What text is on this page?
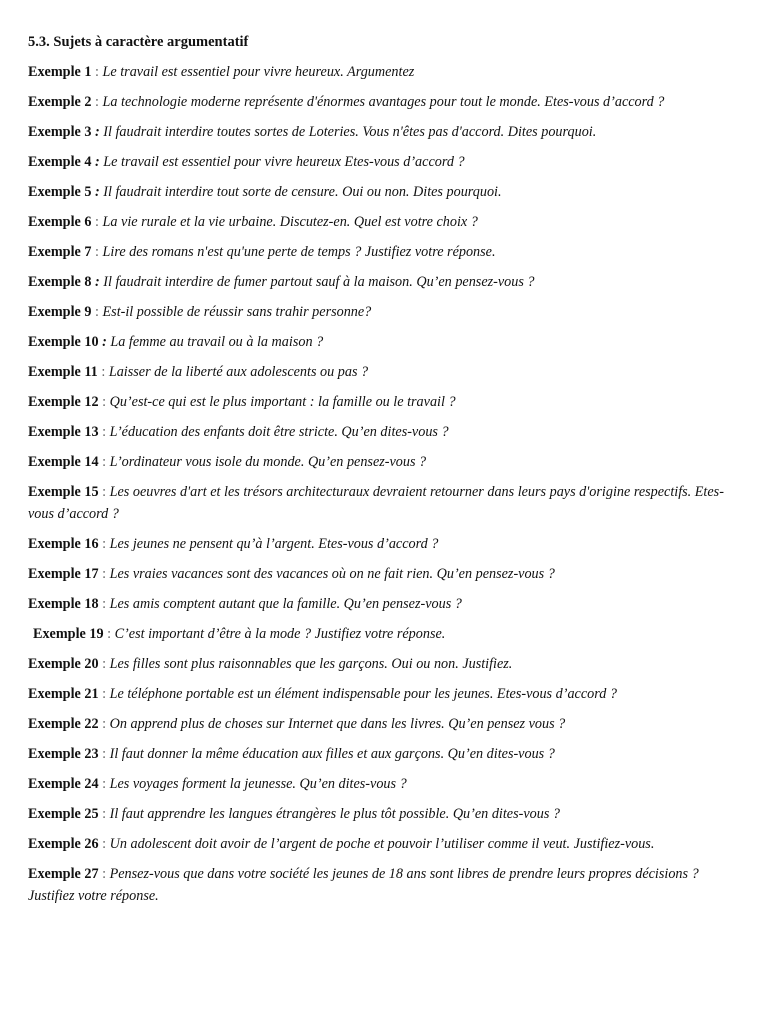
5.3. Sujets à caractère argumentatif
Exemple 1 : Le travail est essentiel pour vivre heureux. Argumentez
Exemple 2 : La technologie moderne représente d'énormes avantages pour tout le monde. Etes-vous d’accord ?
Exemple 3 : Il faudrait interdire toutes sortes de Loteries. Vous n'êtes pas d'accord. Dites pourquoi.
Exemple 4 : Le travail est essentiel pour vivre heureux Etes-vous d’accord ?
Exemple 5 : Il faudrait interdire tout sorte de censure. Oui ou non. Dites pourquoi.
Exemple 6 : La vie rurale et la vie urbaine. Discutez-en. Quel est votre choix ?
Exemple 7 : Lire des romans n'est qu'une perte de temps ? Justifiez votre réponse.
Exemple 8 : Il faudrait interdire de fumer partout sauf à la maison. Qu’en pensez-vous ?
Exemple 9 : Est-il possible de réussir sans trahir personne?
Exemple 10 : La femme au travail ou à la maison ?
Exemple 11 : Laisser de la liberté aux adolescents ou pas ?
Exemple 12 : Qu’est-ce qui est le plus important : la famille ou le travail ?
Exemple 13 : L’éducation des enfants doit être stricte. Qu’en dites-vous ?
Exemple 14 : L’ordinateur vous isole du monde. Qu’en pensez-vous ?
Exemple 15 : Les oeuvres d'art et les trésors architecturaux devraient retourner dans leurs pays d'origine respectifs. Etes-vous d’accord ?
Exemple 16 : Les jeunes ne pensent qu’à l’argent. Etes-vous d’accord ?
Exemple 17 : Les vraies vacances sont des vacances où on ne fait rien. Qu’en pensez-vous ?
Exemple 18 : Les amis comptent autant que la famille. Qu’en pensez-vous ?
Exemple 19 : C’est important d’être à la mode ? Justifiez votre réponse.
Exemple 20 : Les filles sont plus raisonnables que les garçons. Oui ou non. Justifiez.
Exemple 21 : Le téléphone portable est un élément indispensable pour les jeunes. Etes-vous d’accord ?
Exemple 22 : On apprend plus de choses sur Internet que dans les livres. Qu’en pensez vous ?
Exemple 23 : Il faut donner la même éducation aux filles et aux garçons. Qu’en dites-vous ?
Exemple 24 : Les voyages forment la jeunesse. Qu’en dites-vous ?
Exemple 25 : Il faut apprendre les langues étrangères le plus tôt possible. Qu’en dites-vous ?
Exemple 26 : Un adolescent doit avoir de l’argent de poche et pouvoir l’utiliser comme il veut. Justifiez-vous.
Exemple 27 : Pensez-vous que dans votre société les jeunes de 18 ans sont libres de prendre leurs propres décisions ? Justifiez votre réponse.
